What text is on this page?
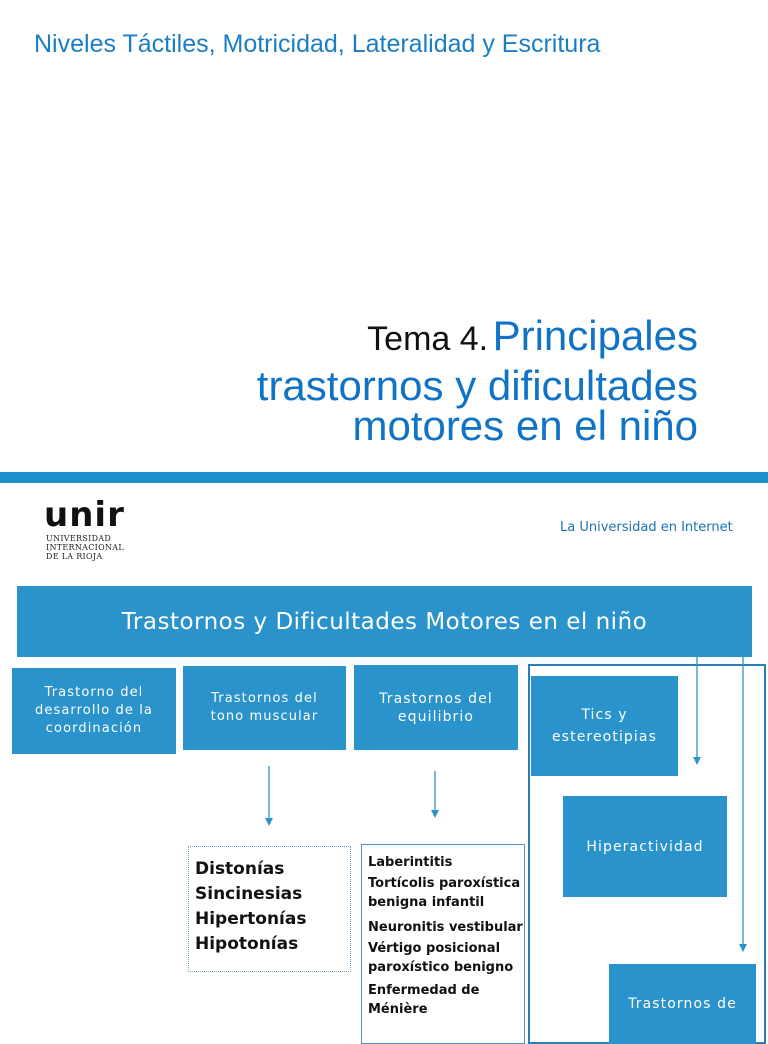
Niveles Táctiles, Motricidad, Lateralidad y Escritura
Tema 4. Principales
trastornos y dificultades
motores en el niño
unir
UNIVERSIDAD
INTERNACIONAL
DE LA RIOJA
La Universidad en Internet
Trastornos y Dificultades Motores en el niño
Trastorno del
desarrollo de la
coordinación
Trastornos del
tono muscular
Trastornos del
equilibrio	Tics y
estereotipias
Hiperactividad
Trastornos de
Distonías
Sincinesias
Hipertonías
Hipotonías
Laberintitis
Tortícolis paroxística
benigna infantil
Neuronitis vestibular
Vértigo posicional
paroxístico benigno
Enfermedad de
Ménière
